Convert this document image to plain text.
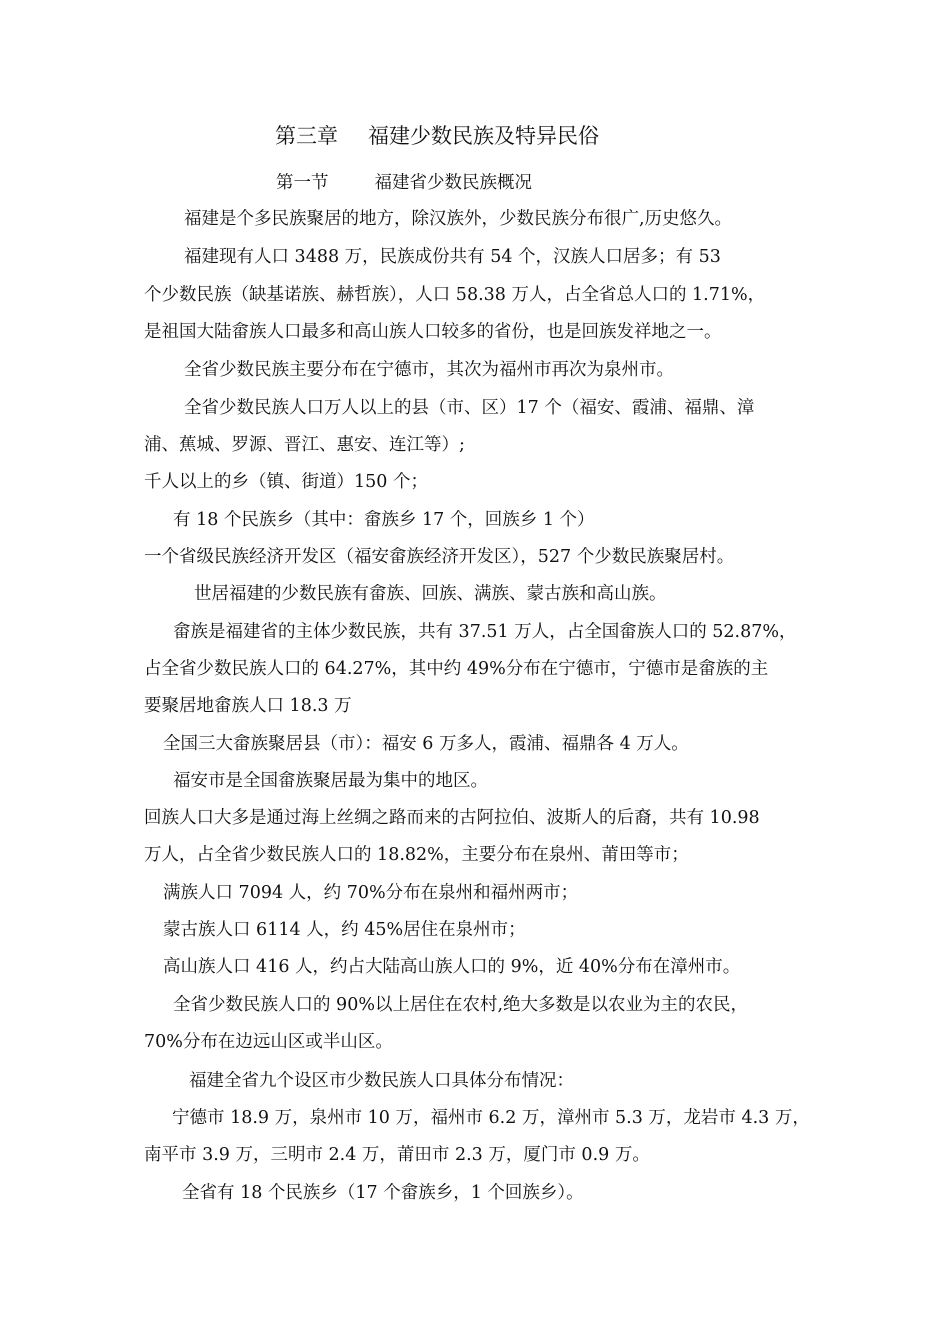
第三章 福建少数民族及特异民俗
第一节	福建省少数民族概况
福建是个多民族聚居的地方，除汉族外，少数民族分布很广,历史悠久。
福建现有人口 3488 万，民族成份共有 54 个，汉族人口居多；有 53
个少数民族（缺基诺族、赫哲族），人口 58.38 万人，占全省总人口的 1.71%，
是祖国大陆畲族人口最多和高山族人口较多的省份，也是回族发祥地之一。
全省少数民族主要分布在宁德市，其次为福州市再次为泉州市。
全省少数民族人口万人以上的县（市、区）17 个（福安、霞浦、福鼎、漳
浦、蕉城、罗源、晋江、惠安、连江等）;
千人以上的乡（镇、街道）150 个；
有 18 个民族乡（其中：畲族乡 17 个，回族乡 1 个）
一个省级民族经济开发区（福安畲族经济开发区），527 个少数民族聚居村。
世居福建的少数民族有畲族、回族、满族、蒙古族和高山族。
畲族是福建省的主体少数民族，共有 37.51 万人，占全国畲族人口的 52.87%，
占全省少数民族人口的 64.27%，其中约 49%分布在宁德市，宁德市是畲族的主
要聚居地畲族人口 18.3 万
全国三大畲族聚居县（市）：福安 6 万多人，霞浦、福鼎各 4 万人。
福安市是全国畲族聚居最为集中的地区。
回族人口大多是通过海上丝绸之路而来的古阿拉伯、波斯人的后裔，共有 10.98
万人，占全省少数民族人口的 18.82%，主要分布在泉州、莆田等市；
满族人口 7094 人，约 70%分布在泉州和福州两市；
蒙古族人口 6114 人，约 45%居住在泉州市；
高山族人口 416 人，约占大陆高山族人口的 9%，近 40%分布在漳州市。
全省少数民族人口的 90%以上居住在农村,绝大多数是以农业为主的农民，
70%分布在边远山区或半山区。
福建全省九个设区市少数民族人口具体分布情况：
宁德市 18.9 万，泉州市 10 万，福州市 6.2 万，漳州市 5.3 万，龙岩市 4.3 万，
南平市 3.9 万，三明市 2.4 万，莆田市 2.3 万，厦门市 0.9 万。
全省有 18 个民族乡（17 个畲族乡，1 个回族乡）。
